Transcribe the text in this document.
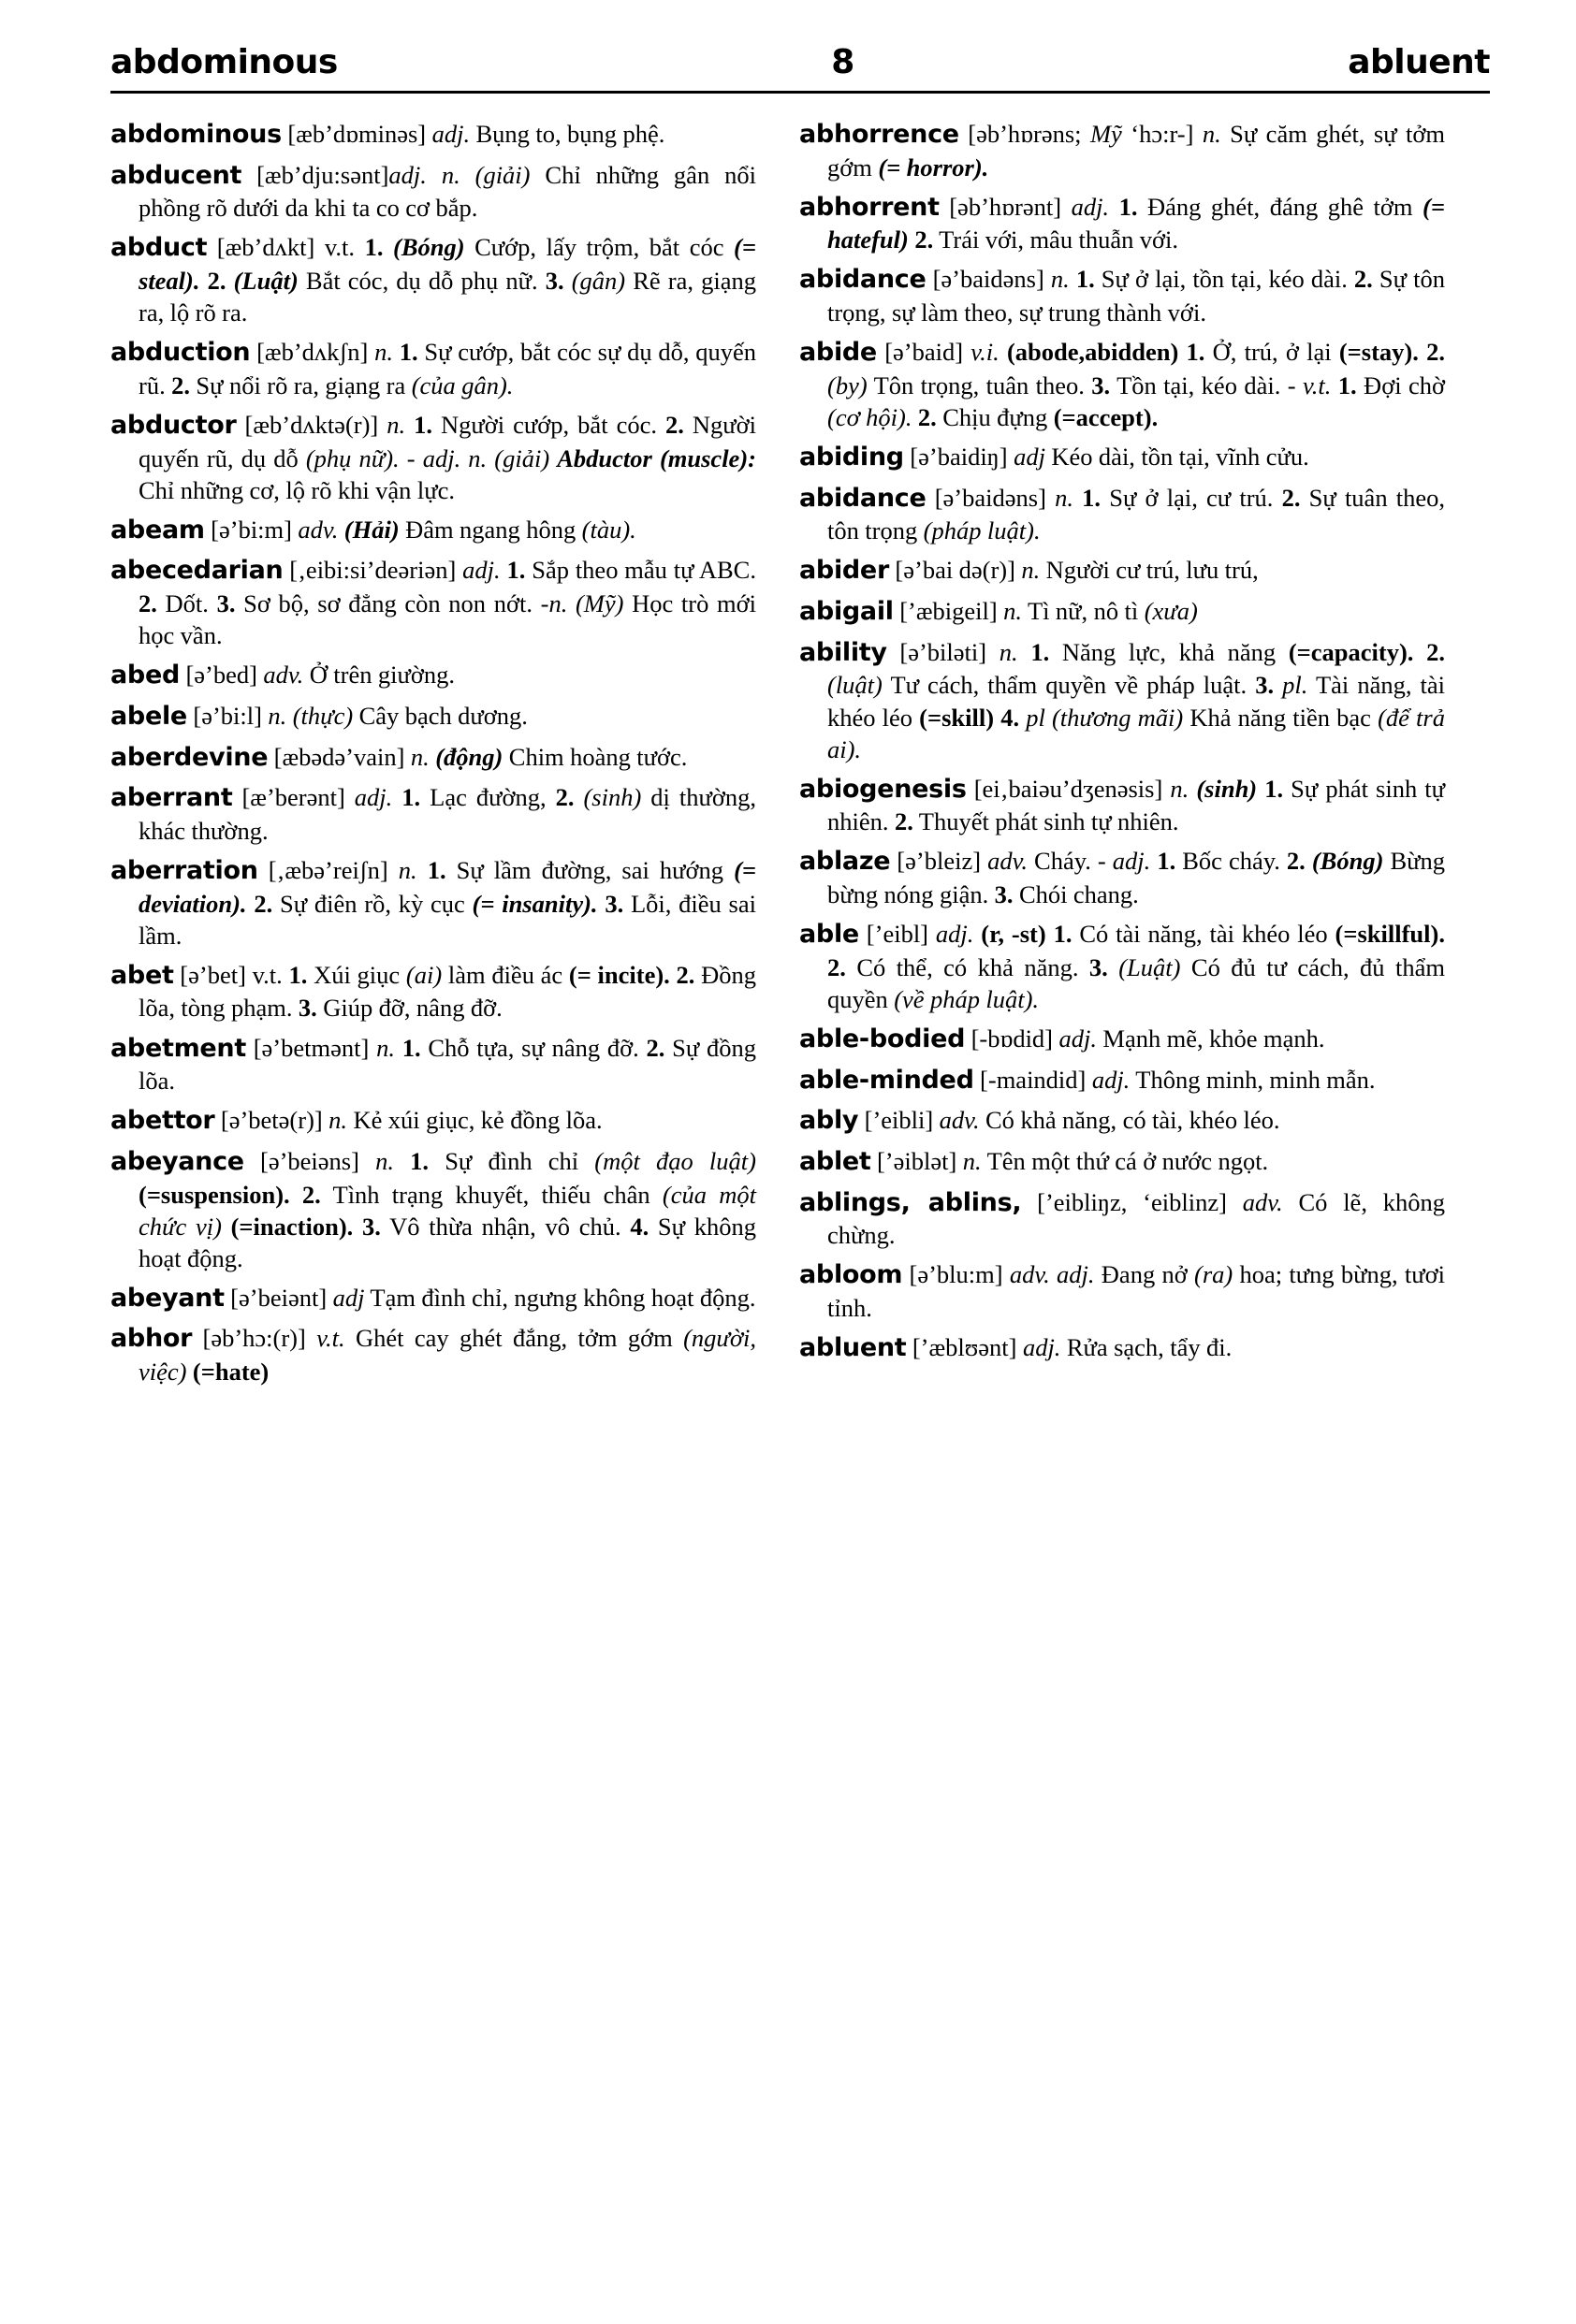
abdominous	8	abluent

abdominous [æb’dɒminəs] adj. Bụng to, bụng phệ.

abducent [æb’dju:sənt]adj. n. (giải) Chỉ những gân nổi phồng rõ dưới da khi ta co cơ bắp.

abduct [æb’dʌkt] v.t. 1. (Bóng) Cướp, lấy trộm, bắt cóc (= steal). 2. (Luật) Bắt cóc, dụ dỗ phụ nữ. 3. (gân) Rẽ ra, giạng ra, lộ rõ ra.

abduction [æb’dʌkʃn] n. 1. Sự cướp, bắt cóc sự dụ dỗ, quyến rũ. 2. Sự nổi rõ ra, giạng ra (của gân).

abductor [æb’dʌktə(r)] n. 1. Người cướp, bắt cóc. 2. Người quyến rũ, dụ dỗ (phụ nữ). - adj. n. (giải) Abductor (muscle): Chỉ những cơ, lộ rõ khi vận lực.

abeam [ə’bi:m] adv. (Hải) Đâm ngang hông (tàu).

abecedarian [‚eibi:si’deəriən] adj. 1. Sắp theo mẫu tự ABC. 2. Dốt. 3. Sơ bộ, sơ đẳng còn non nớt. -n. (Mỹ) Học trò mới học vần.

abed [ə’bed] adv. Ở trên giường.

abele [ə’bi:l] n. (thực) Cây bạch dương.

aberdevine [æbədə’vain] n. (động) Chim hoàng tước.

aberrant [æ’berənt] adj. 1. Lạc đường, 2. (sinh) dị thường, khác thường.

aberration [‚æbə’reiʃn] n. 1. Sự lầm đường, sai hướng (= deviation). 2. Sự điên rồ, kỳ cục (= insanity). 3. Lỗi, điều sai lầm.

abet [ə’bet] v.t. 1. Xúi giục (ai) làm điều ác (= incite). 2. Đồng lõa, tòng phạm. 3. Giúp đỡ, nâng đỡ.

abetment [ə’betmənt] n. 1. Chỗ tựa, sự nâng đỡ. 2. Sự đồng lõa.

abettor [ə’betə(r)] n. Kẻ xúi giục, kẻ đồng lõa.

abeyance [ə’beiəns] n. 1. Sự đình chỉ (một đạo luật) (=suspension). 2. Tình trạng khuyết, thiếu chân (của một chức vị) (=inaction). 3. Vô thừa nhận, vô chủ. 4. Sự không hoạt động.

abeyant [ə’beiənt] adj Tạm đình chỉ, ngưng không hoạt động.

abhor [əb’hɔ:(r)] v.t. Ghét cay ghét đắng, tởm gớm (người, việc) (=hate)

abhorrence [əb’hɒrəns; Mỹ ‘hɔ:r-] n. Sự căm ghét, sự tởm gớm (= horror).

abhorrent [əb’hɒrənt] adj. 1. Đáng ghét, đáng ghê tởm (= hateful) 2. Trái với, mâu thuẫn với.

abidance [ə’baidəns] n. 1. Sự ở lại, tồn tại, kéo dài. 2. Sự tôn trọng, sự làm theo, sự trung thành với.

abide [ə’baid] v.i. (abode,abidden) 1. Ở, trú, ở lại (=stay). 2. (by) Tôn trọng, tuân theo. 3. Tồn tại, kéo dài. - v.t. 1. Đợi chờ (cơ hội). 2. Chịu đựng (=accept).

abiding [ə’baidiŋ] adj Kéo dài, tồn tại, vĩnh cửu.

abidance [ə’baidəns] n. 1. Sự ở lại, cư trú. 2. Sự tuân theo, tôn trọng (pháp luật).

abider [ə’bai də(r)] n. Người cư trú, lưu trú,

abigail [’æbigeil] n. Tì nữ, nô tì (xưa)

ability [ə’biləti] n. 1. Năng lực, khả năng (=capacity). 2. (luật) Tư cách, thẩm quyền về pháp luật. 3. pl. Tài năng, tài khéo léo (=skill) 4. pl (thương mãi) Khả năng tiền bạc (để trả ai).

abiogenesis [ei‚baiəu’dʒenəsis] n. (sinh) 1. Sự phát sinh tự nhiên. 2. Thuyết phát sinh tự nhiên.

ablaze [ə’bleiz] adv. Cháy. - adj. 1. Bốc cháy. 2. (Bóng) Bừng bừng nóng giận. 3. Chói chang.

able [’eibl] adj. (r, -st) 1. Có tài năng, tài khéo léo (=skillful). 2. Có thể, có khả năng. 3. (Luật) Có đủ tư cách, đủ thẩm quyền (về pháp luật).

able-bodied [-bɒdid] adj. Mạnh mẽ, khỏe mạnh.

able-minded [-maindid] adj. Thông minh, minh mẫn.

ably [’eibli] adv. Có khả năng, có tài, khéo léo.

ablet [’əiblət] n. Tên một thứ cá ở nước ngọt.

ablings, ablins, [’eibliŋz, ‘eiblinz] adv. Có lẽ, không chừng.

abloom [ə’blu:m] adv. adj. Đang nở (ra) hoa; tưng bừng, tươi tỉnh.

abluent [’æblʊənt] adj. Rửa sạch, tẩy đi.
